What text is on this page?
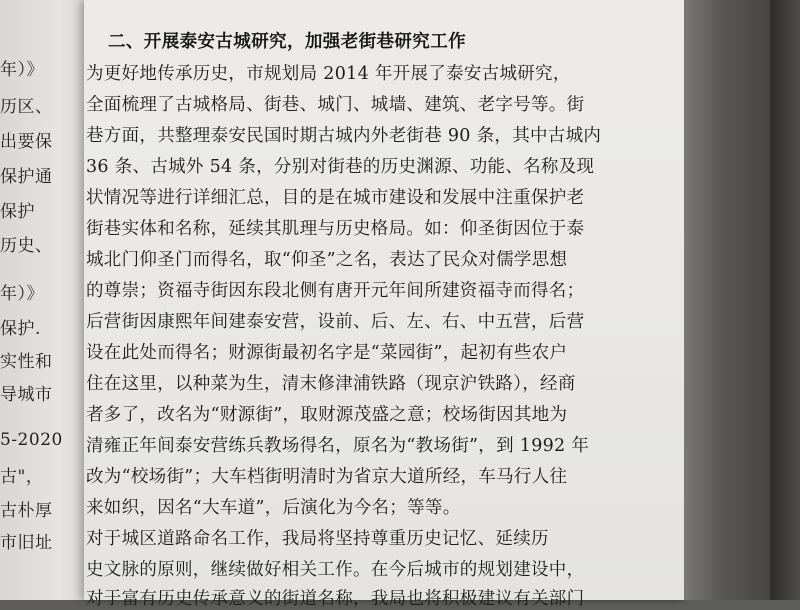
年）》
历区、
出要保
保护通
保护
历史、
年）》
保护.
实性和
导城市
5-2020
古"，
古朴厚
市旧址
二、开展泰安古城研究，加强老街巷研究工作
为更好地传承历史，市规划局 2014 年开展了泰安古城研究，
全面梳理了古城格局、街巷、城门、城墙、建筑、老字号等。街
巷方面，共整理泰安民国时期古城内外老街巷 90 条，其中古城内
36 条、古城外 54 条，分别对街巷的历史渊源、功能、名称及现
状情况等进行详细汇总，目的是在城市建设和发展中注重保护老
街巷实体和名称，延续其肌理与历史格局。如：仰圣街因位于泰
城北门仰圣门而得名，取“仰圣”之名，表达了民众对儒学思想
的尊崇；资福寺街因东段北侧有唐开元年间所建资福寺而得名；
后营街因康熙年间建泰安营，设前、后、左、右、中五营，后营
设在此处而得名；财源街最初名字是“菜园街”，起初有些农户
住在这里，以种菜为生，清末修津浦铁路（现京沪铁路），经商
者多了，改名为“财源街”，取财源茂盛之意；校场街因其地为
清雍正年间泰安营练兵教场得名，原名为“教场街”，到 1992 年
改为“校场街”；大车档街明清时为省京大道所经，车马行人往
来如织，因名“大车道”，后演化为今名；等等。
对于城区道路命名工作，我局将坚持尊重历史记忆、延续历
史文脉的原则，继续做好相关工作。在今后城市的规划建设中，
对于富有历史传承意义的街道名称，我局也将积极建议有关部门
